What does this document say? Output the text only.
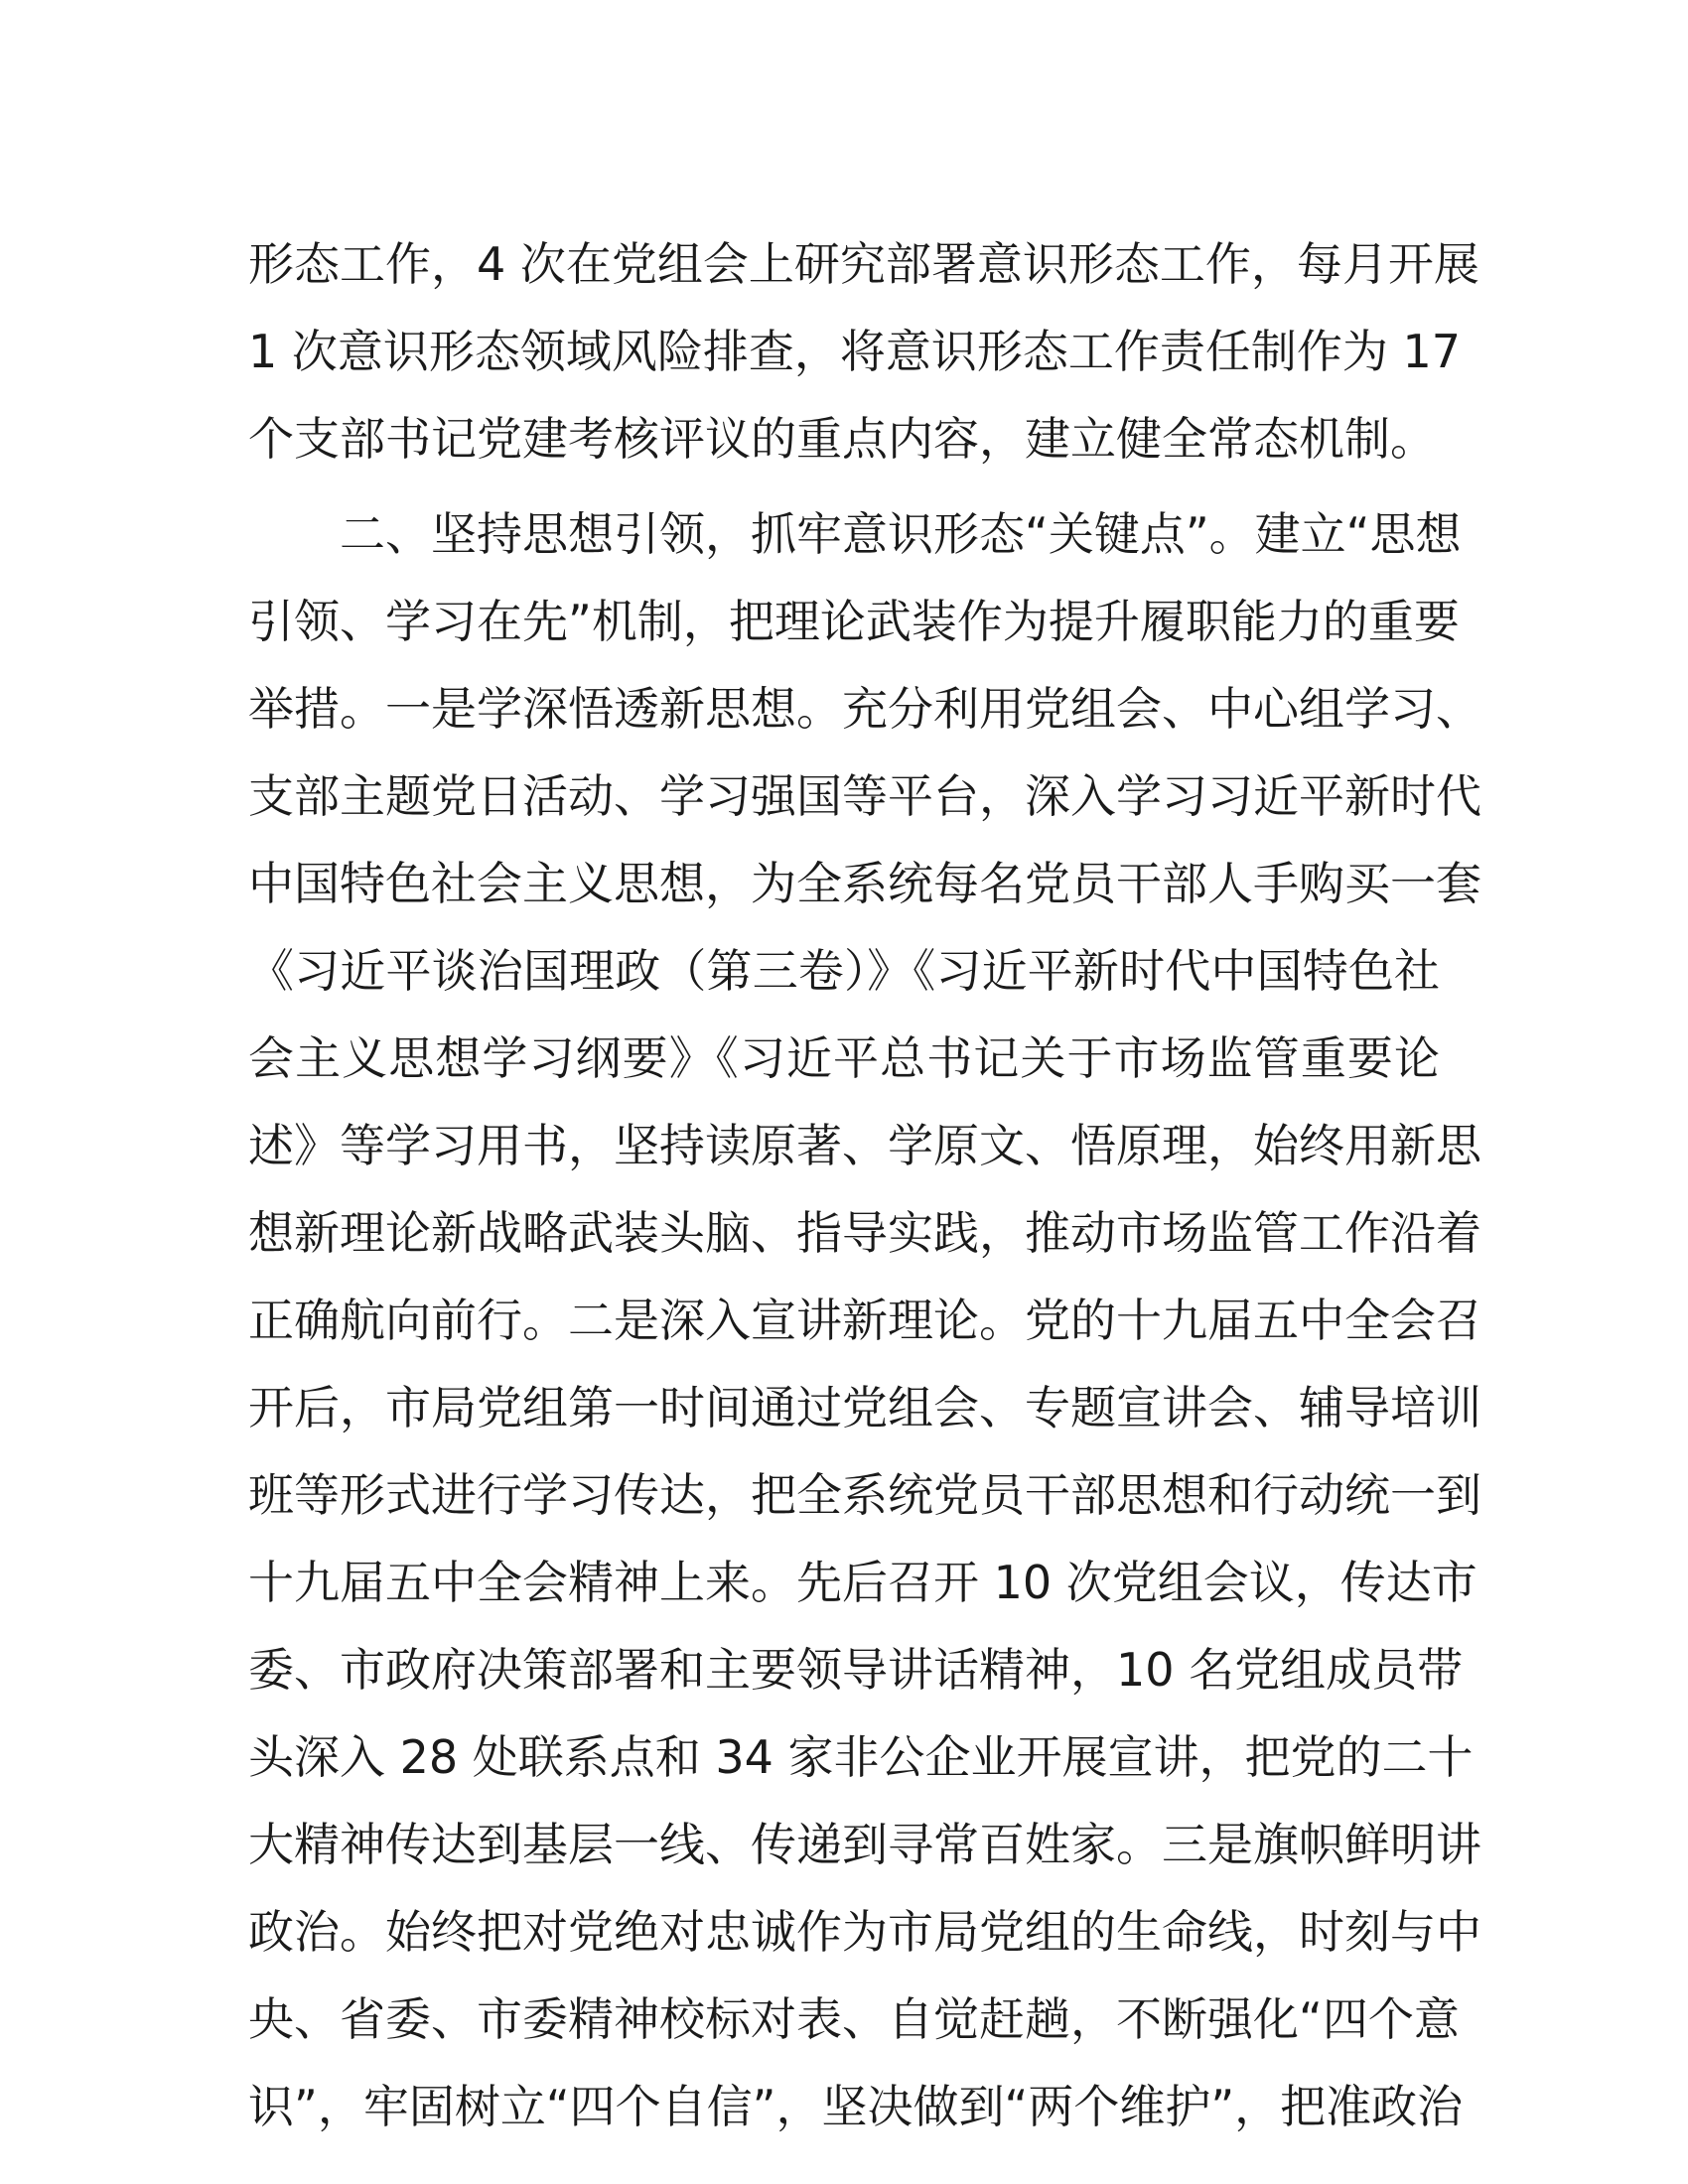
形态工作，4 次在党组会上研究部署意识形态工作，每月开展
1 次意识形态领域风险排查，将意识形态工作责任制作为 17
个支部书记党建考核评议的重点内容，建立健全常态机制。

　　二、坚持思想引领，抓牢意识形态“关键点”。建立“思想
引领、学习在先”机制，把理论武装作为提升履职能力的重要
举措。一是学深悟透新思想。充分利用党组会、中心组学习、
支部主题党日活动、学习强国等平台，深入学习习近平新时代
中国特色社会主义思想，为全系统每名党员干部人手购买一套
《习近平谈治国理政（第三卷）》《习近平新时代中国特色社
会主义思想学习纲要》《习近平总书记关于市场监管重要论
述》等学习用书，坚持读原著、学原文、悟原理，始终用新思
想新理论新战略武装头脑、指导实践，推动市场监管工作沿着
正确航向前行。二是深入宣讲新理论。党的十九届五中全会召
开后，市局党组第一时间通过党组会、专题宣讲会、辅导培训
班等形式进行学习传达，把全系统党员干部思想和行动统一到
十九届五中全会精神上来。先后召开 10 次党组会议，传达市
委、市政府决策部署和主要领导讲话精神，10 名党组成员带
头深入 28 处联系点和 34 家非公企业开展宣讲，把党的二十
大精神传达到基层一线、传递到寻常百姓家。三是旗帜鲜明讲
政治。始终把对党绝对忠诚作为市局党组的生命线，时刻与中
央、省委、市委精神校标对表、自觉赶趟，不断强化“四个意
识”，牢固树立“四个自信”，坚决做到“两个维护”，把准政治
